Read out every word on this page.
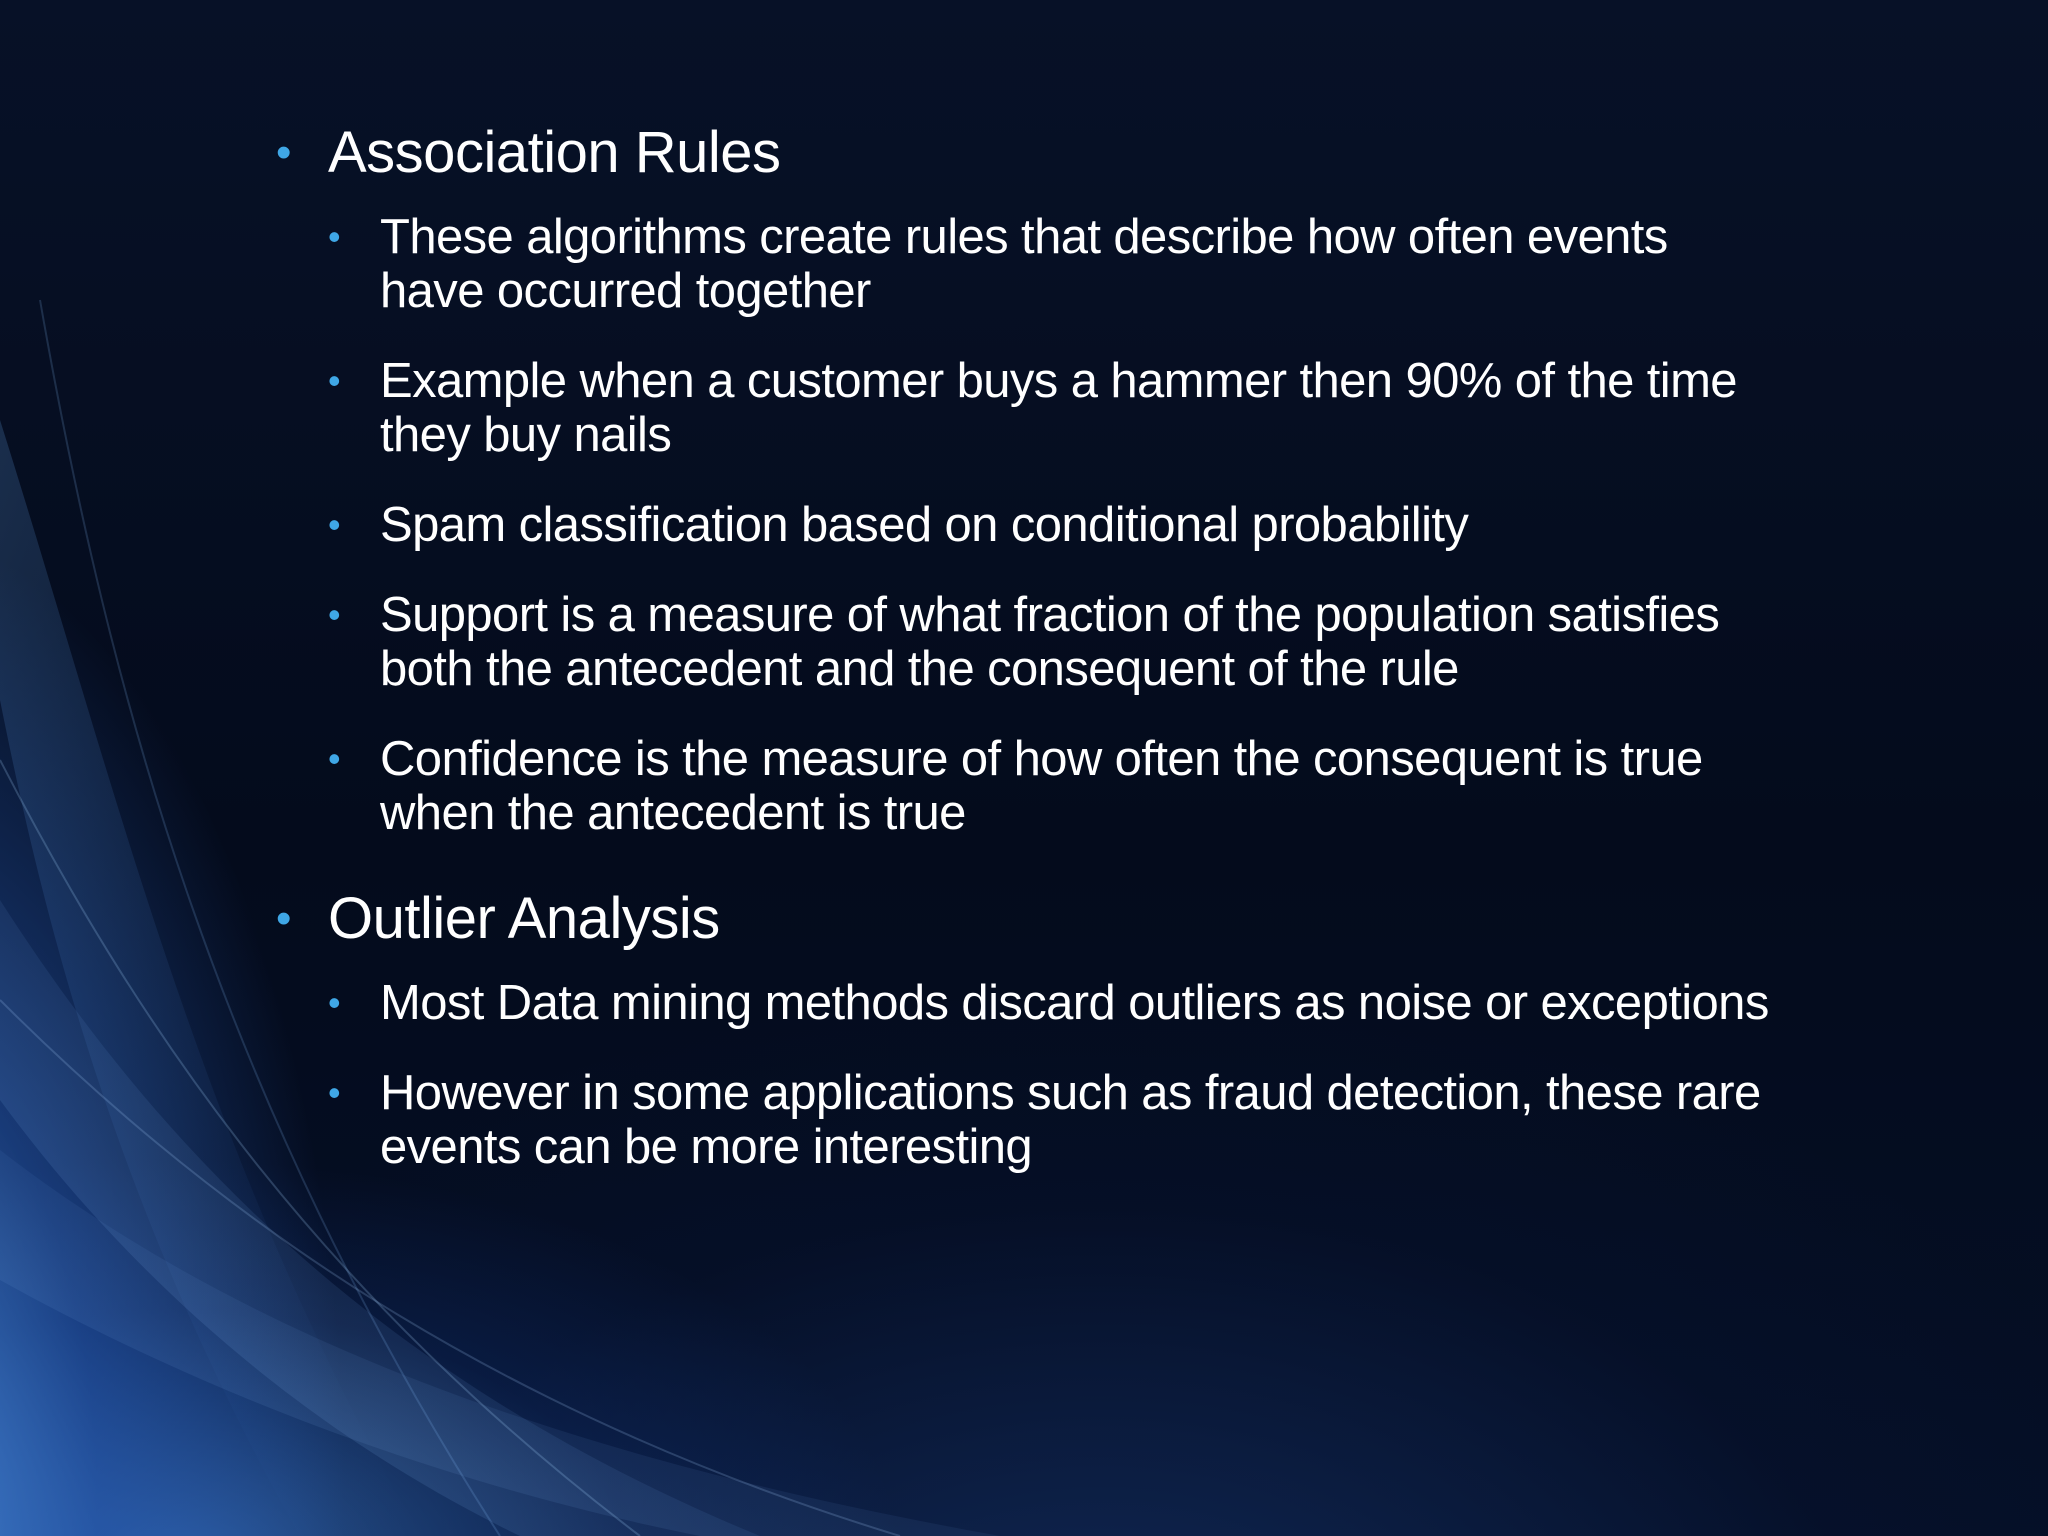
• Association Rules
• These algorithms create rules that describe how often events have occurred together
• Example when a customer buys a hammer then 90% of the time they buy nails
• Spam classification based on conditional probability
• Support is a measure of what fraction of the population satisfies both the antecedent and the consequent of the rule
• Confidence is the measure of how often the consequent is true when the antecedent is true
• Outlier Analysis
• Most Data mining methods discard outliers as noise or exceptions
• However in some applications such as fraud detection, these rare events can be more interesting
